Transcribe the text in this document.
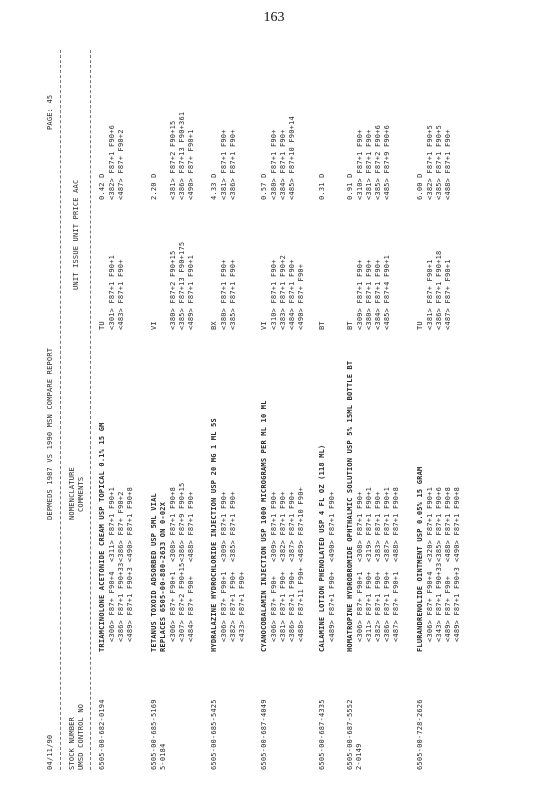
163
04/11/90
DEPMEDS 1987 VS 1990 MSN COMPARE REPORT
PAGE: 45
STOCK NUMBER UMSD CONTROL NO
NOMENCLATURE COMMENTS
UNIT ISSUE UNIT PRICE AAC
6505-00-682-0194
TRIAMCINOLONE ACETONIDE CREAM USP TOPICAL 0.1% 15 GM
TU
0.42 D
<306> F87+ F90+4
<386> F87+1 F90+33
<489> F87+1 F90+3
<311> F87+1 F90+1
<386> F87+ F90+2
<490> F87+1 F90+8
<301> F87+1 F90+1
<483> F87+1 F90+
<382> F87+1 F90+6
<487> F87+ F90+2
6505-00-685-5169
5-0184
TETANUS TOXOID ADSORBED USP 5ML VIAL
REPLACES 6505-00-880-2633 ON 0-02X
VI
2.20 D
<306> F87+ F90+1
<307> F87+2 F90+15
<484> F87+ F90+
<308> F87+1 F90+8
<386> F87+9 F90+15
<488> F87+1 F90+
<380> F87+2 F90+15
<385> F87+13 F90+175
<489> F87+1 F90+1
<381> F87+2 F90+15
<386> F87+13 F90+361
<490> F87+ F90+1
6505-00-685-5425
HYDRALAZINE HYDROCHLORIDE INJECTION USP 20 MG 1 ML 5S
BX
4.33 D
<306> F87+ F90+1
<382> F87+1 F90+
<433> F87+1 F90+
<309> F87+1 F90+
<385> F87+1 F90+
<380> F87+1 F90+
<385> F87+1 F90+
<381> F87+1 F90+
<386> F87+1 F90+
6505-00-687-4049
CYANOCOBALAMIN INJECTION USP 1000 MICROGRAMS PER ML 10 ML
VI
0.57 D
<306> F87+ F90+
<381> F87+1 F90+
<386> F87+1 F90+
<488> F87+11 F90+
<309> F87+1 F90+
<382> F87+1 F90+
<387> F87+1 F90+
<489> F87+10 F90+
<310> F87+1 F90+
<383> F87+1 F90+2
<484> F87+1 F90+
<490> F87+ F90+
<380> F87+1 F90+
<384> F87+1 F90+
<485> F87+10 F90+14
6505-00-687-4335
CALAMINE LOTION PHENOLATED USP 4 FL OZ (118 ML)
BT
0.31 D
<489> F87+1 F90+
<490> F87+1 F90+
6505-00-687-5552
2-0149
HOMATROPINE HYDROBROMIDE OPHTHALMIC SOLUTION USP 5% 15ML BOTTLE BT
BT
0.91 D
<306> F87+ F90+1
<311> F87+1 F90+
<382> F87+1 F90+
<386> F87+1 F90+
<487> F87+ F90+1
<308> F87+1 F90+
<319> F87+1 F90+1
<383> F87+1 F90+
<387> F87+1 F90+1
<488> F87+1 F90+8
<309> F87+1 F90+
<380> F87+1 F90+
<384> F87+1 F90+
<485> F87+4 F90+1
<310> F87+1 F90+
<381> F87+1 F90+
<385> F87+2 F90+6
<485> F87+9 F90+6
6505-00-728-2626
FLURANDRENOLIDE OINTMENT USP 0.05% 15 GRAM
TU
6.00 D
<306> F87+ F90+4
<343> F87+1 F90+33
<489> F87+ F90+
<489> F87+1 F90+3
<320> F87+1 F90+1
<385> F87+1 F90+6
<488> F87+1 F90+8
<490> F87+1 F90+8
<381> F87+ F90+1
<386> F87+1 F90+18
<487> F87+ F90+1
<382> F87+1 F90+5
<385> F87+1 F90+5
<488> F87+1 F90+
